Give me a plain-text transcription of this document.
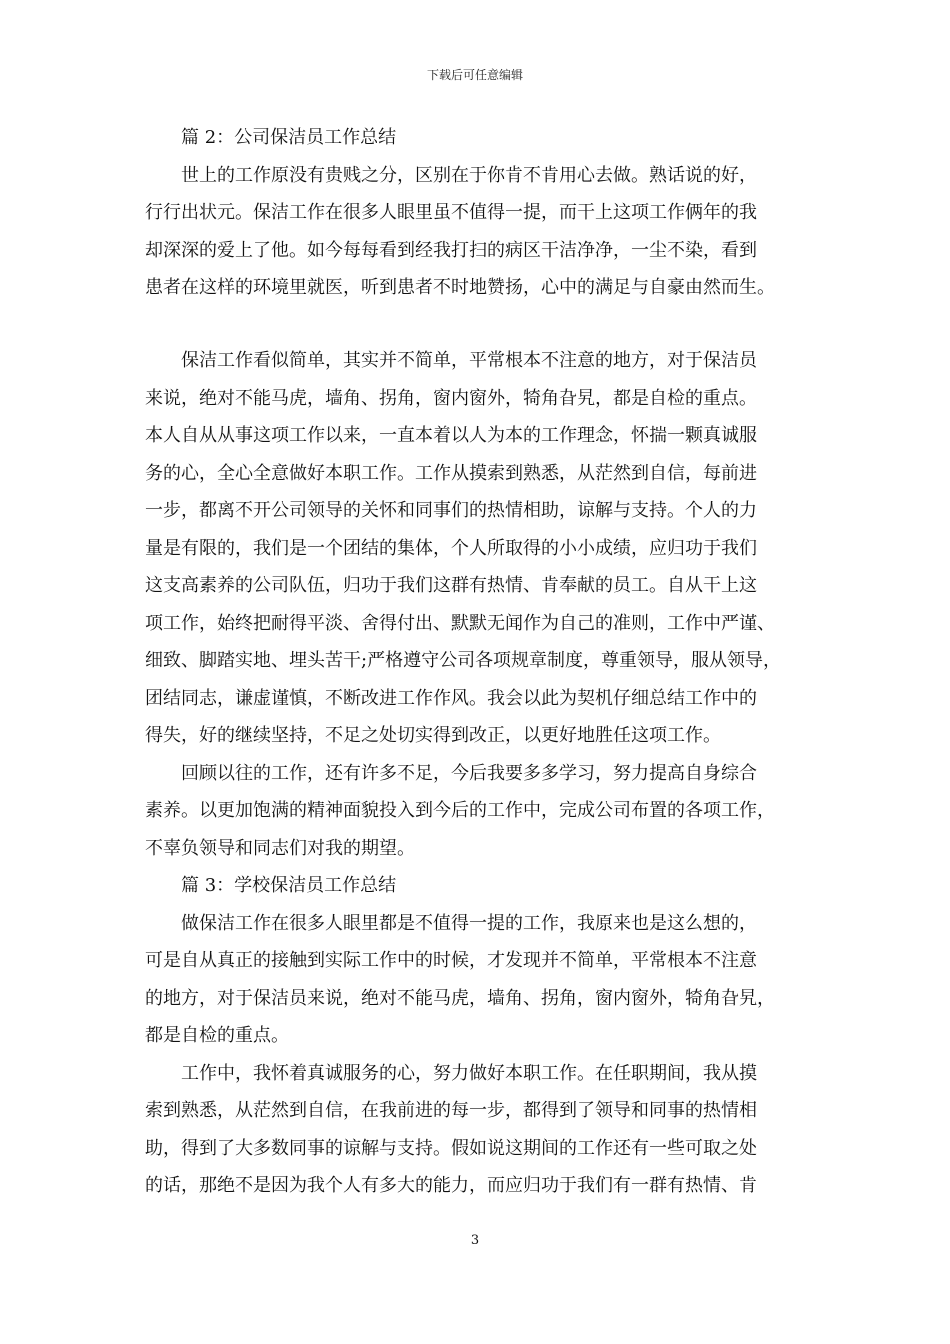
下载后可任意编辑
篇 2：公司保洁员工作总结
世上的工作原没有贵贱之分，区别在于你肯不肯用心去做。熟话说的好，
行行出状元。保洁工作在很多人眼里虽不值得一提，而干上这项工作俩年的我
却深深的爱上了他。如今每每看到经我打扫的病区干洁净净，一尘不染，看到
患者在这样的环境里就医，听到患者不时地赞扬，心中的满足与自豪由然而生。
保洁工作看似简单，其实并不简单，平常根本不注意的地方，对于保洁员
来说，绝对不能马虎，墙角、拐角，窗内窗外，犄角旮旯，都是自检的重点。
本人自从从事这项工作以来，一直本着以人为本的工作理念，怀揣一颗真诚服
务的心，全心全意做好本职工作。工作从摸索到熟悉，从茫然到自信，每前进
一步，都离不开公司领导的关怀和同事们的热情相助，谅解与支持。个人的力
量是有限的，我们是一个团结的集体，个人所取得的小小成绩，应归功于我们
这支高素养的公司队伍，归功于我们这群有热情、肯奉献的员工。自从干上这
项工作，始终把耐得平淡、舍得付出、默默无闻作为自己的准则，工作中严谨、
细致、脚踏实地、埋头苦干;严格遵守公司各项规章制度，尊重领导，服从领导，
团结同志，谦虚谨慎，不断改进工作作风。我会以此为契机仔细总结工作中的
得失，好的继续坚持，不足之处切实得到改正，以更好地胜任这项工作。
回顾以往的工作，还有许多不足，今后我要多多学习，努力提高自身综合
素养。以更加饱满的精神面貌投入到今后的工作中，完成公司布置的各项工作，
不辜负领导和同志们对我的期望。
篇 3：学校保洁员工作总结
做保洁工作在很多人眼里都是不值得一提的工作，我原来也是这么想的，
可是自从真正的接触到实际工作中的时候，才发现并不简单，平常根本不注意
的地方，对于保洁员来说，绝对不能马虎，墙角、拐角，窗内窗外，犄角旮旯，
都是自检的重点。
工作中，我怀着真诚服务的心，努力做好本职工作。在任职期间，我从摸
索到熟悉，从茫然到自信，在我前进的每一步，都得到了领导和同事的热情相
助，得到了大多数同事的谅解与支持。假如说这期间的工作还有一些可取之处
的话，那绝不是因为我个人有多大的能力，而应归功于我们有一群有热情、肯
3
